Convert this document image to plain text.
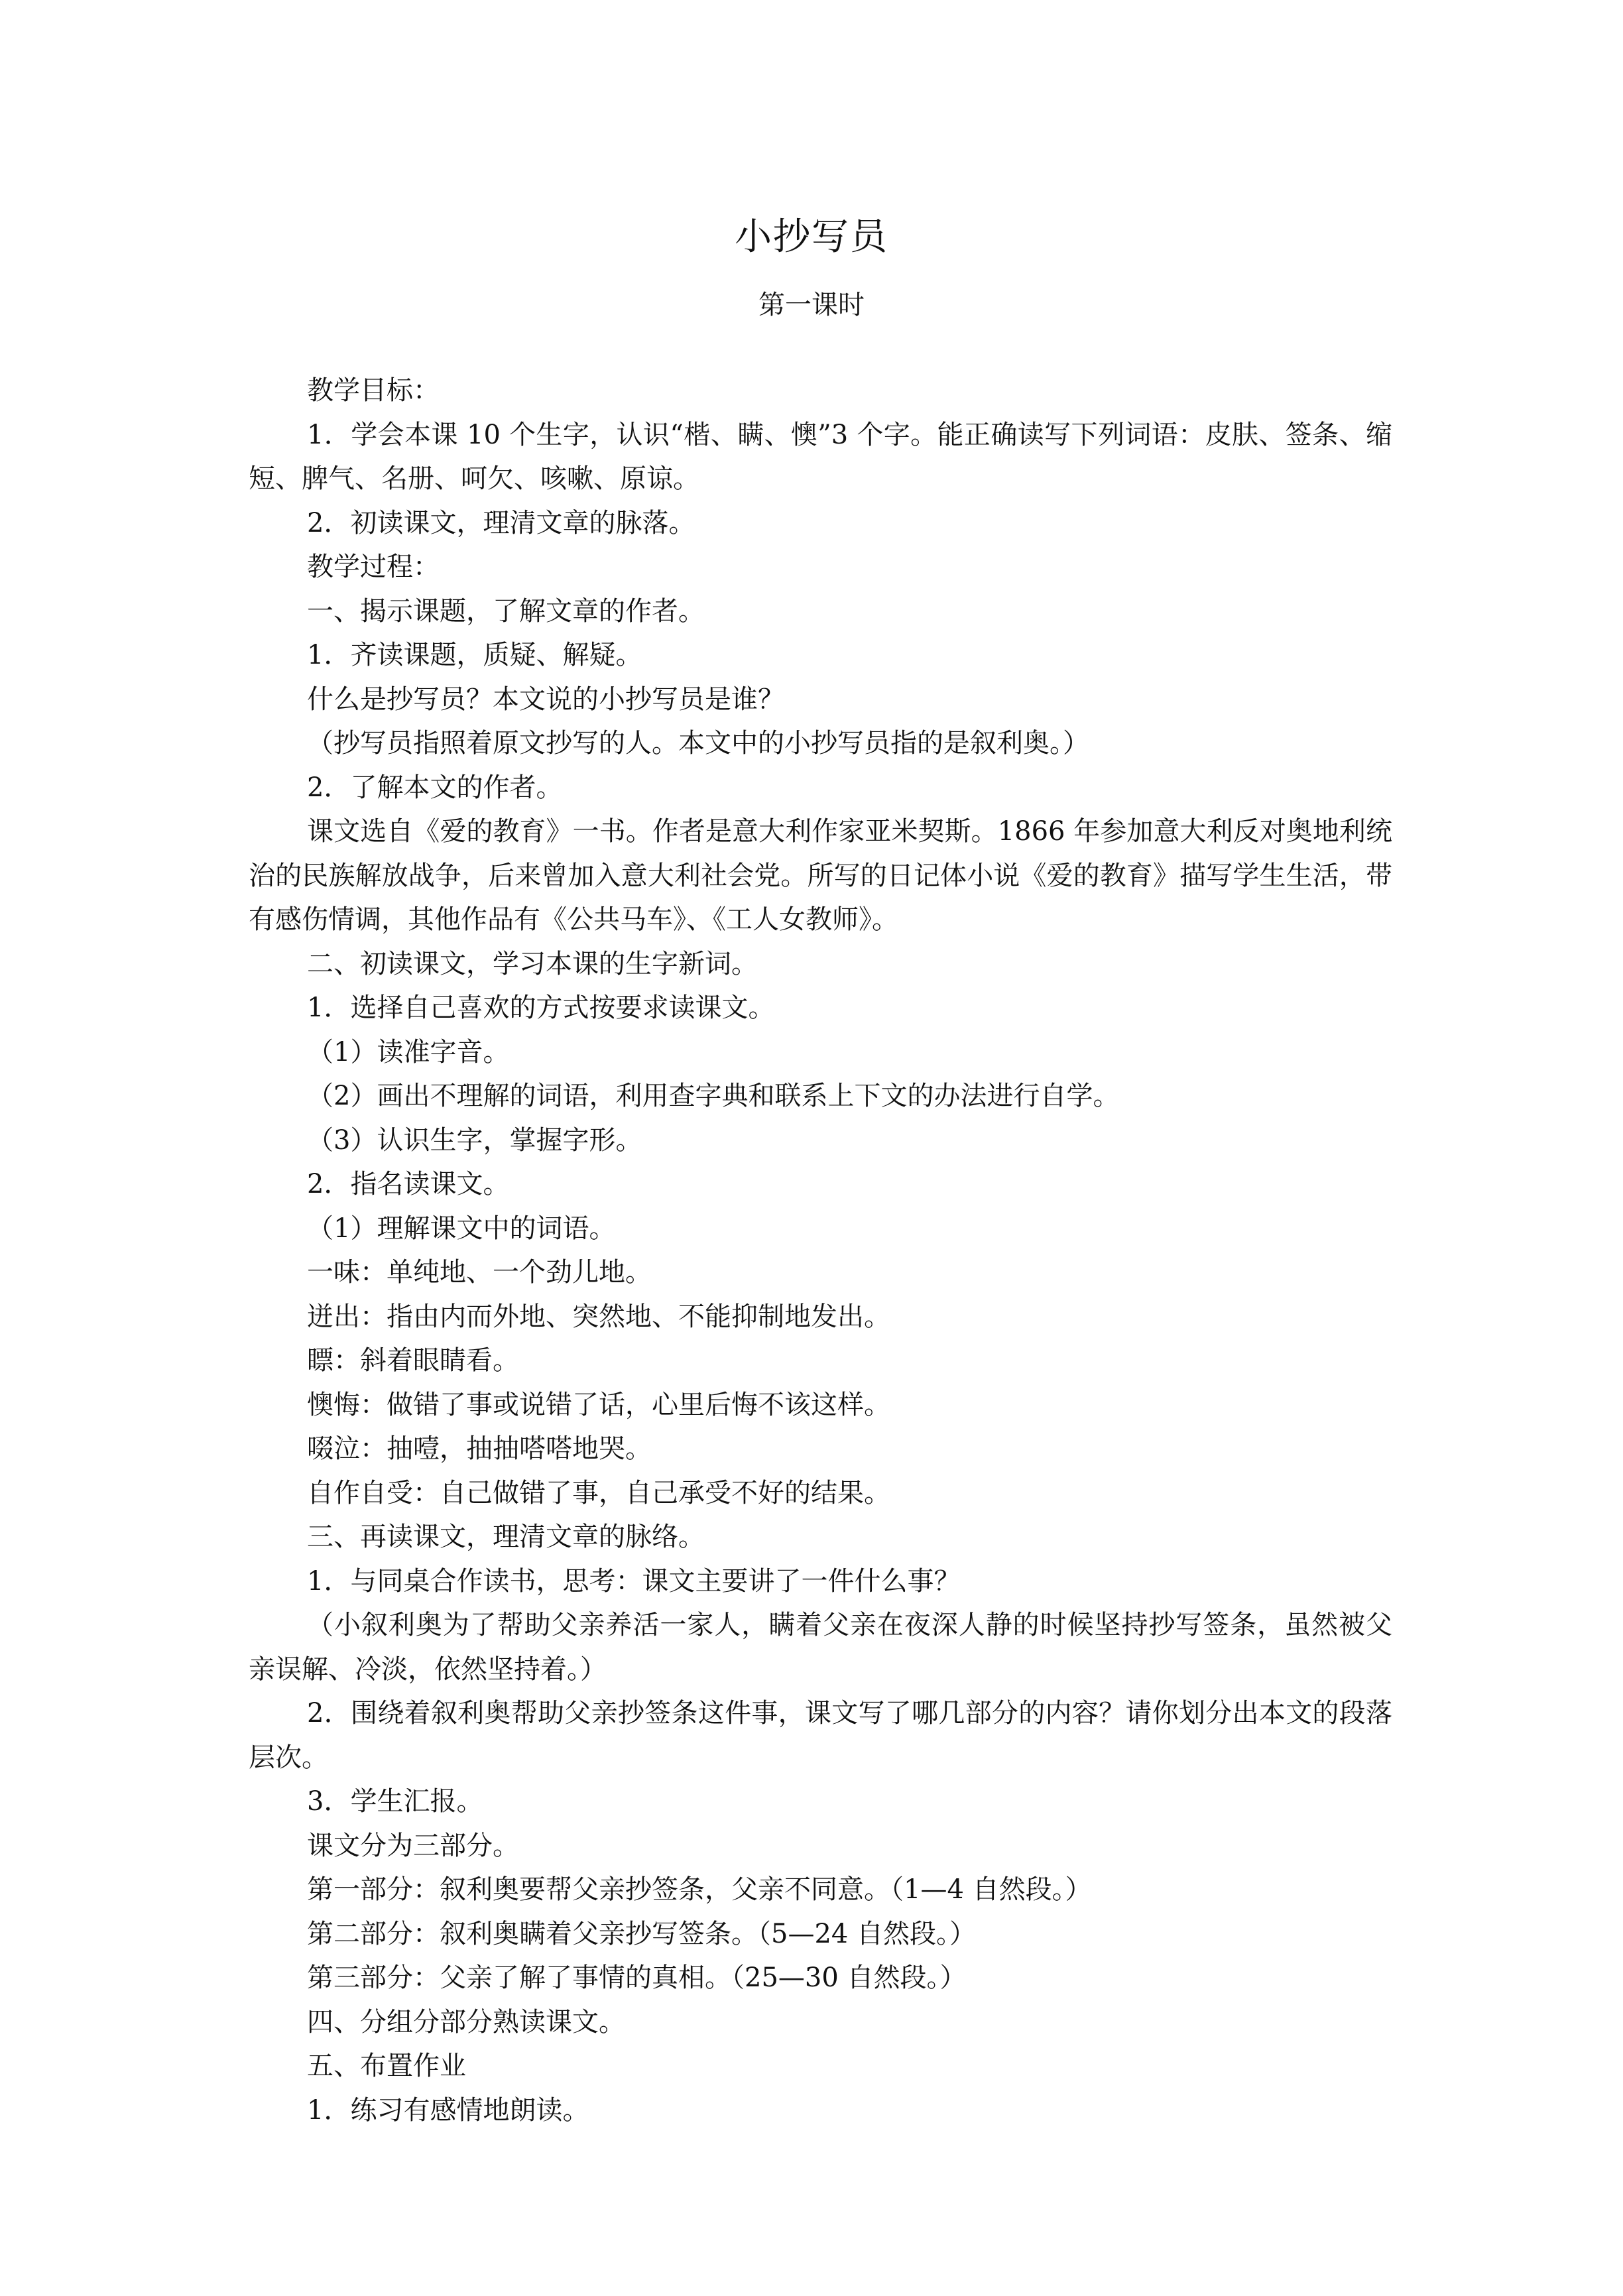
小抄写员
第一课时

教学目标：

1．学会本课 10 个生字，认识“楷、瞒、懊”3 个字。能正确读写下列词语：皮肤、签条、缩短、脾气、名册、呵欠、咳嗽、原谅。

2．初读课文，理清文章的脉落。

教学过程：

一、揭示课题，了解文章的作者。

1．齐读课题，质疑、解疑。

什么是抄写员？本文说的小抄写员是谁？

（抄写员指照着原文抄写的人。本文中的小抄写员指的是叙利奥。）

2．了解本文的作者。

课文选自《爱的教育》一书。作者是意大利作家亚米契斯。1866 年参加意大利反对奥地利统治的民族解放战争，后来曾加入意大利社会党。所写的日记体小说《爱的教育》描写学生生活，带有感伤情调，其他作品有《公共马车》、《工人女教师》。

二、初读课文，学习本课的生字新词。

1．选择自己喜欢的方式按要求读课文。

（1）读准字音。

（2）画出不理解的词语，利用查字典和联系上下文的办法进行自学。

（3）认识生字，掌握字形。

2．指名读课文。

（1）理解课文中的词语。

一味：单纯地、一个劲儿地。

迸出：指由内而外地、突然地、不能抑制地发出。

瞟：斜着眼睛看。

懊悔：做错了事或说错了话，心里后悔不该这样。

啜泣：抽噎，抽抽嗒嗒地哭。

自作自受：自己做错了事，自己承受不好的结果。

三、再读课文，理清文章的脉络。

1．与同桌合作读书，思考：课文主要讲了一件什么事？

（小叙利奥为了帮助父亲养活一家人，瞒着父亲在夜深人静的时候坚持抄写签条，虽然被父亲误解、冷淡，依然坚持着。）

2．围绕着叙利奥帮助父亲抄签条这件事，课文写了哪几部分的内容？请你划分出本文的段落层次。

3．学生汇报。

课文分为三部分。

第一部分：叙利奥要帮父亲抄签条，父亲不同意。（1—4 自然段。）

第二部分：叙利奥瞒着父亲抄写签条。（5—24 自然段。）

第三部分：父亲了解了事情的真相。（25—30 自然段。）

四、分组分部分熟读课文。

五、布置作业

1．练习有感情地朗读。
